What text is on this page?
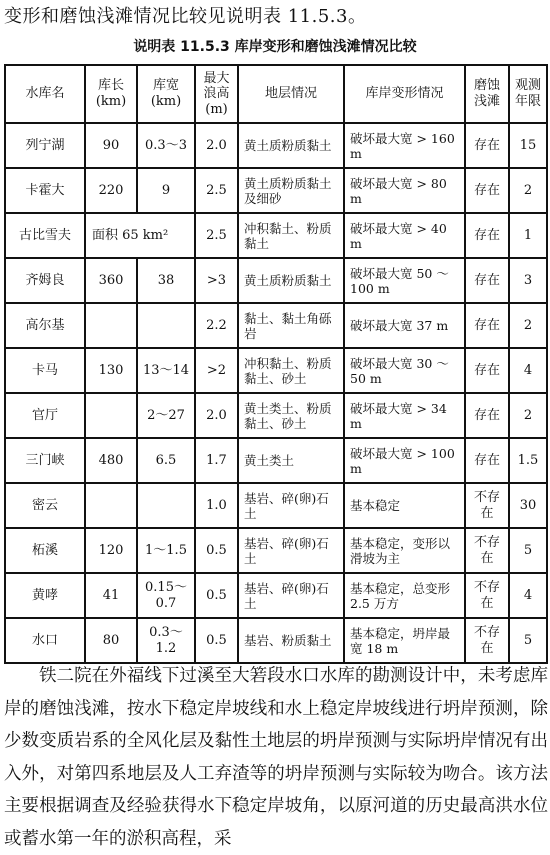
变形和磨蚀浅滩情况比较见说明表 11.5.3。
说明表 11.5.3 库岸变形和磨蚀浅滩情况比较
水库名	库长 (km)	库宽 (km)	最大浪高 (m)	地层情况	库岸变形情况	磨蚀浅滩	观测年限
列宁湖	90	0.3～3	2.0	黄土质粉质黏土	破坏最大宽 > 160 m	存在	15
卡霍大	220	9	2.5	黄土质粉质黏土及细砂	破坏最大宽 > 80 m	存在	2
古比雪夫	面积 65 km²		2.5	冲积黏土、粉质黏土	破坏最大宽 > 40 m	存在	1
齐姆良	360	38	>3	黄土质粉质黏土	破坏最大宽 50 ～100 m	存在	3
高尔基			2.2	黏土、黏土角砾岩	破坏最大宽 37 m	存在	2
卡马	130	13～14	>2	冲积黏土、粉质黏土、砂土	破坏最大宽 30 ～50 m	存在	4
官厅		2～27	2.0	黄土类土、粉质黏土、砂土	破坏最大宽 > 34 m	存在	2
三门峡	480	6.5	1.7	黄土类土	破坏最大宽 > 100 m	存在	1.5
密云			1.0	基岩、碎(卵)石土	基本稳定	不存在	30
柘溪	120	1～1.5	0.5	基岩、碎(卵)石土	基本稳定，变形以滑坡为主	不存在	5
黄哮	41	0.15～0.7	0.5	基岩、碎(卵)石土	基本稳定，总变形 2.5 万方	不存在	4
水口	80	0.3～1.2	0.5	基岩、粉质黏土	基本稳定，坍岸最宽 18 m	不存在	5

铁二院在外福线下过溪至大箬段水口水库的勘测设计中，未考虑库岸的磨蚀浅滩，按水下稳定岸坡线和水上稳定岸坡线进行坍岸预测，除少数变质岩系的全风化层及黏性土地层的坍岸预测与实际坍岸情况有出入外，对第四系地层及人工弃渣等的坍岸预测与实际较为吻合。该方法主要根据调查及经验获得水下稳定岸坡角，以原河道的历史最高洪水位或蓄水第一年的淤积高程，采
